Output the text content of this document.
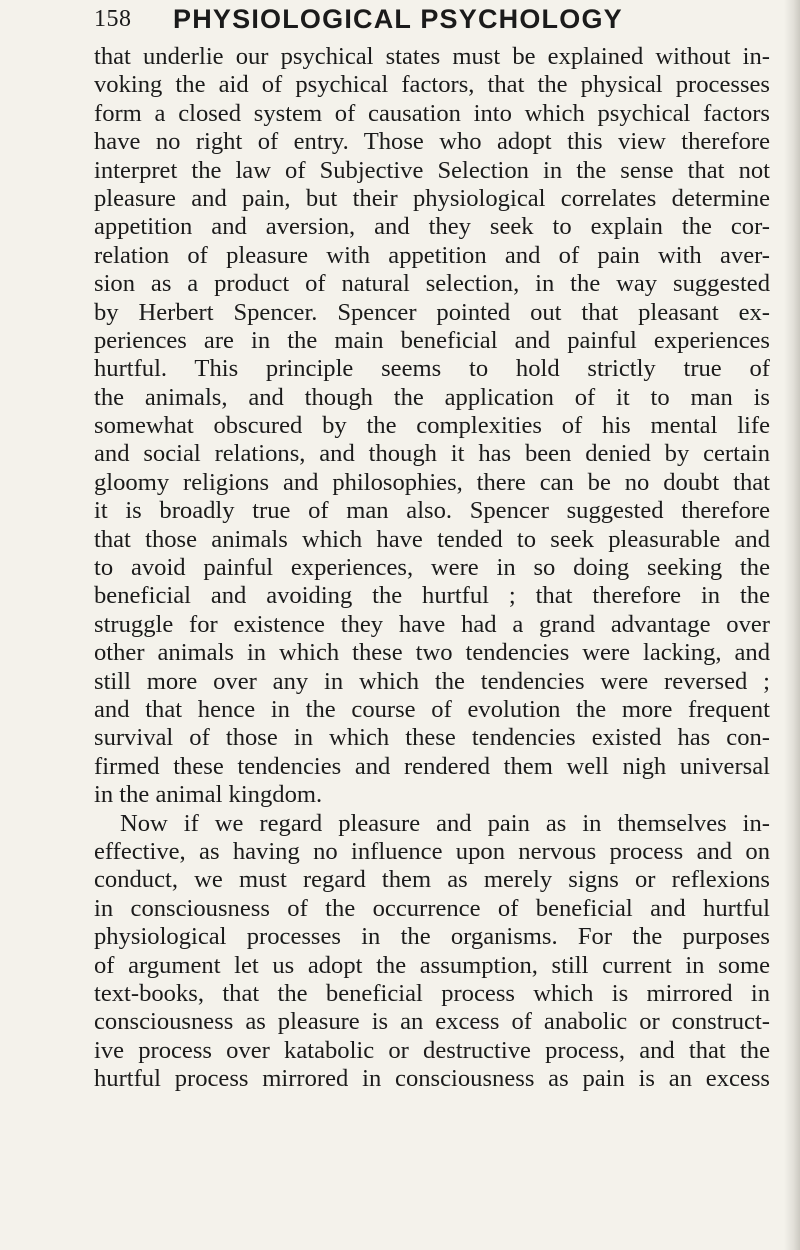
158 PHYSIOLOGICAL PSYCHOLOGY
that underlie our psychical states must be explained without in-
voking the aid of psychical factors, that the physical processes
form a closed system of causation into which psychical factors
have no right of entry. Those who adopt this view therefore
interpret the law of Subjective Selection in the sense that not
pleasure and pain, but their physiological correlates determine
appetition and aversion, and they seek to explain the cor-
relation of pleasure with appetition and of pain with aver-
sion as a product of natural selection, in the way suggested
by Herbert Spencer. Spencer pointed out that pleasant ex-
periences are in the main beneficial and painful experiences
hurtful. This principle seems to hold strictly true of
the animals, and though the application of it to man is
somewhat obscured by the complexities of his mental life
and social relations, and though it has been denied by certain
gloomy religions and philosophies, there can be no doubt that
it is broadly true of man also. Spencer suggested therefore
that those animals which have tended to seek pleasurable and
to avoid painful experiences, were in so doing seeking the
beneficial and avoiding the hurtful ; that therefore in the
struggle for existence they have had a grand advantage over
other animals in which these two tendencies were lacking, and
still more over any in which the tendencies were reversed ;
and that hence in the course of evolution the more frequent
survival of those in which these tendencies existed has con-
firmed these tendencies and rendered them well nigh universal
in the animal kingdom.
Now if we regard pleasure and pain as in themselves in-
effective, as having no influence upon nervous process and on
conduct, we must regard them as merely signs or reflexions
in consciousness of the occurrence of beneficial and hurtful
physiological processes in the organisms. For the purposes
of argument let us adopt the assumption, still current in some
text-books, that the beneficial process which is mirrored in
consciousness as pleasure is an excess of anabolic or construct-
ive process over katabolic or destructive process, and that the
hurtful process mirrored in consciousness as pain is an excess
